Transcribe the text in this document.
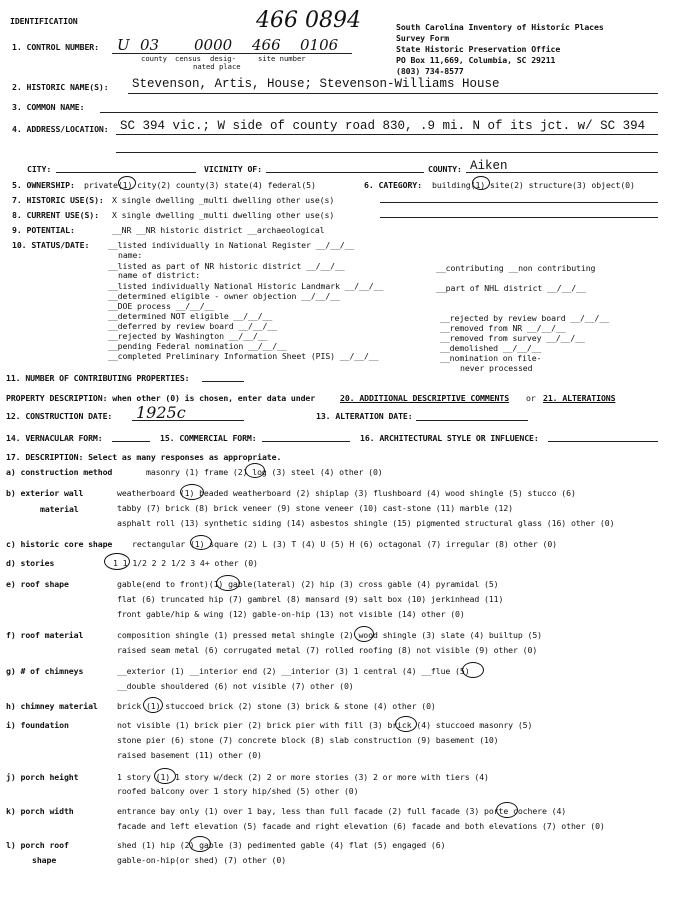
IDENTIFICATION	466 0894	South Carolina Inventory of Historic Places
Survey Form
State Historic Preservation Office
PO Box 11,669, Columbia, SC 29211
(803) 734-8577
1. CONTROL NUMBER: U 03 0000 466 0106
county census desig-
nated place
site number
2. HISTORIC NAME(S): Stevenson, Artis, House; Stevenson-Williams House
3. COMMON NAME:
4. ADDRESS/LOCATION: SC 394 vic.; W side of county road 830, .9 mi. N of its jct. w/ SC 394
CITY:	VICINITY OF:	COUNTY: Aiken
5. OWNERSHIP: private(1) city(2) county(3) state(4) federal(5)	6. CATEGORY: building(1) site(2) structure(3) object(0)
7. HISTORIC USE(S): X single dwelling _multi dwelling other use(s)
8. CURRENT USE(S): X single dwelling _multi dwelling other use(s)
9. POTENTIAL:	__NR __NR historic district __archaeological
10. STATUS/DATE: __listed individually in National Register __/__/__
name:
__listed as part of NR historic district __/__/__
name of district:
__listed individually National Historic Landmark __/__/__
__determined eligible - owner objection __/__/__
__DOE process __/__/__
__determined NOT eligible __/__/__
__deferred by review board __/__/__
__rejected by Washington __/__/__
__pending Federal nomination __/__/__
__completed Preliminary Information Sheet (PIS) __/__/__
__contributing __non contributing
__part of NHL district __/__/__
__rejected by review board __/__/__
__removed from NR __/__/__
__removed from survey __/__/__
__demolished __/__/__
__nomination on file-
never processed
11. NUMBER OF CONTRIBUTING PROPERTIES:
PROPERTY DESCRIPTION: when other (0) is chosen, enter data under	20. ADDITIONAL DESCRIPTIVE COMMENTS or 21. ALTERATIONS
12. CONSTRUCTION DATE: 1925c	13. ALTERATION DATE:
14. VERNACULAR FORM:	15. COMMERCIAL FORM:	16. ARCHITECTURAL STYLE OR INFLUENCE:
17. DESCRIPTION: Select as many responses as appropriate.
a) construction method	masonry (1) frame (2) log (3) steel (4) other (0)
b) exterior wall
material
weatherboard (1) beaded weatherboard (2) shiplap (3) flushboard (4) wood shingle (5) stucco (6)
tabby (7) brick (8) brick veneer (9) stone veneer (10) cast-stone (11) marble (12)
asphalt roll (13) synthetic siding (14) asbestos shingle (15) pigmented structural glass (16) other (0)
c) historic core shape rectangular (1) square (2) L (3) T (4) U (5) H (6) octagonal (7) irregular (8) other (0)
d) stories	1 1 1/2 2 2 1/2 3 4+ other (0)
e) roof shape	gable(end to front)(1) gable(lateral) (2) hip (3) cross gable (4) pyramidal (5)
flat (6) truncated hip (7) gambrel (8) mansard (9) salt box (10) jerkinhead (11)
front gable/hip & wing (12) gable-on-hip (13) not visible (14) other (0)
f) roof material	composition shingle (1) pressed metal shingle (2) wood shingle (3) slate (4) builtup (5)
raised seam metal (6) corrugated metal (7) rolled roofing (8) not visible (9) other (0)
g) # of chimneys	__exterior (1) __interior end (2) __interior (3) 1 central (4) __flue (5)
__double shouldered (6) not visible (7) other (0)
h) chimney material brick (1) stuccoed brick (2) stone (3) brick & stone (4) other (0)
i) foundation	not visible (1) brick pier (2) brick pier with fill (3) brick (4) stuccoed masonry (5)
stone pier (6) stone (7) concrete block (8) slab construction (9) basement (10)
raised basement (11) other (0)
j) porch height	1 story (1) 1 story w/deck (2) 2 or more stories (3) 2 or more with tiers (4)
roofed balcony over 1 story hip/shed (5) other (0)
k) porch width	entrance bay only (1) over 1 bay, less than full facade (2) full facade (3) porte cochere (4)
facade and left elevation (5) facade and right elevation (6) facade and both elevations (7) other (0)
l) porch roof
shape
shed (1) hip (2) gable (3) pedimented gable (4) flat (5) engaged (6)
gable-on-hip(or shed) (7) other (0)
